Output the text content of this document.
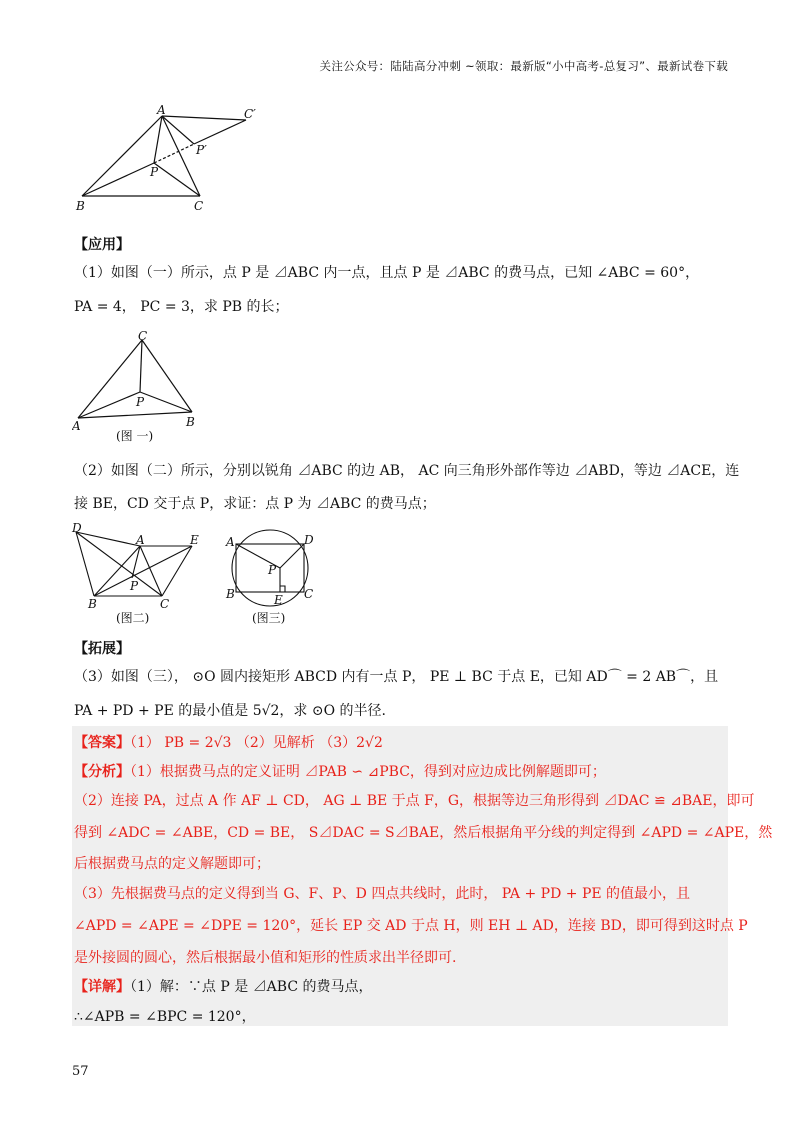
关注公众号：陆陆高分冲刺 ~领取：最新版“小中高考-总复习”、最新试卷下载
A	C′
P′
P
B	C
【应用】
（1）如图（一）所示，点 P 是 ⊿ABC 内一点，且点 P 是 ⊿ABC 的费马点，已知 ∠ABC = 60°，
PA = 4， PC = 3，求 PB 的长；
C
P
A	B
(图 一)
（2）如图（二）所示，分别以锐角 ⊿ABC 的边 AB， AC 向三角形外部作等边 ⊿ABD，等边 ⊿ACE，连
接 BE，CD 交于点 P，求证：点 P 为 ⊿ABC 的费马点；
D
A	E
P
B	C
(图二)
A	D
P
B	E C
(图三)
【拓展】
（3）如图（三）， ⊙O 圆内接矩形 ABCD 内有一点 P， PE ⊥ BC 于点 E，已知 AD⌒ = 2 AB⌒，且
PA + PD + PE 的最小值是 5√2，求 ⊙O 的半径.
【答案】（1） PB = 2√3 （2）见解析 （3）2√2
【分析】（1）根据费马点的定义证明 ⊿PAB ∽ ⊿PBC，得到对应边成比例解题即可；
（2）连接 PA，过点 A 作 AF ⊥ CD， AG ⊥ BE 于点 F，G，根据等边三角形得到 ⊿DAC ≌ ⊿BAE，即可
得到 ∠ADC = ∠ABE，CD = BE， S⊿DAC = S⊿BAE，然后根据角平分线的判定得到 ∠APD = ∠APE，然
后根据费马点的定义解题即可；
（3）先根据费马点的定义得到当 G、F、P、D 四点共线时，此时， PA + PD + PE 的值最小，且
∠APD = ∠APE = ∠DPE = 120°，延长 EP 交 AD 于点 H，则 EH ⊥ AD，连接 BD，即可得到这时点 P
是外接圆的圆心，然后根据最小值和矩形的性质求出半径即可.
【详解】（1）解：∵点 P 是 ⊿ABC 的费马点，
∴∠APB = ∠BPC = 120°，
57
